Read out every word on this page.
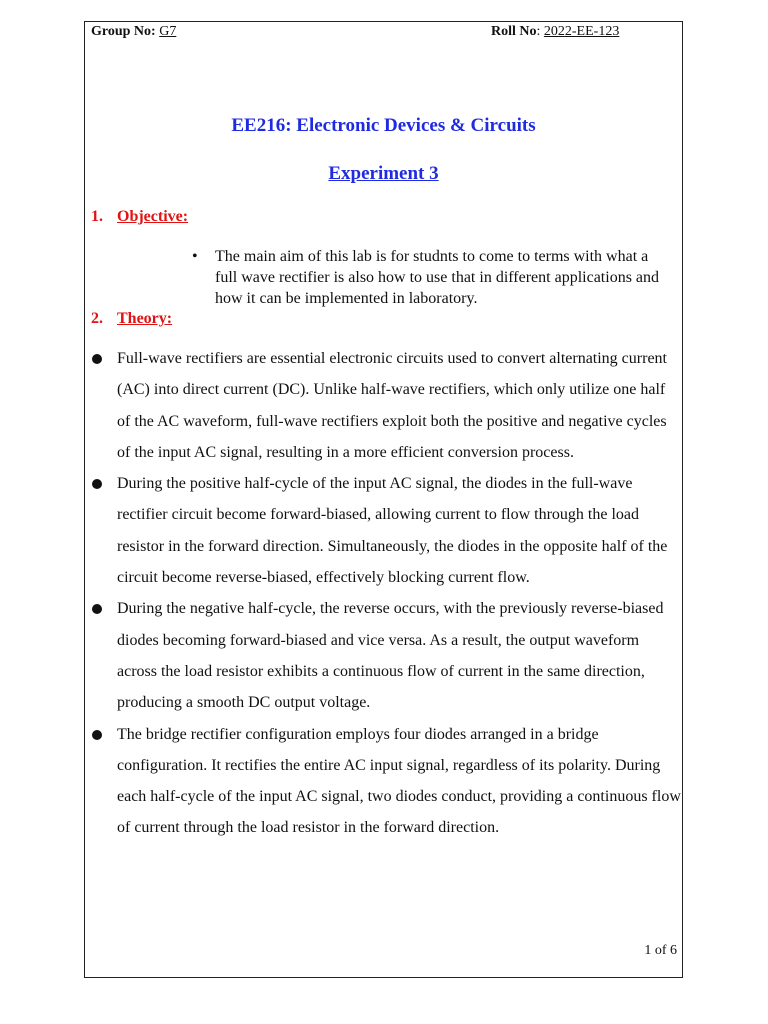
Group No: G7	Roll No: 2022-EE-123
EE216: Electronic Devices & Circuits
Experiment 3
1. Objective:
• The main aim of this lab is for studnts to come to terms with what a full wave rectifier is also how to use that in different applications and how it can be implemented in laboratory.
2. Theory:
Full-wave rectifiers are essential electronic circuits used to convert alternating current (AC) into direct current (DC). Unlike half-wave rectifiers, which only utilize one half of the AC waveform, full-wave rectifiers exploit both the positive and negative cycles of the input AC signal, resulting in a more efficient conversion process.
During the positive half-cycle of the input AC signal, the diodes in the full-wave rectifier circuit become forward-biased, allowing current to flow through the load resistor in the forward direction. Simultaneously, the diodes in the opposite half of the circuit become reverse-biased, effectively blocking current flow.
During the negative half-cycle, the reverse occurs, with the previously reverse-biased diodes becoming forward-biased and vice versa. As a result, the output waveform across the load resistor exhibits a continuous flow of current in the same direction, producing a smooth DC output voltage.
The bridge rectifier configuration employs four diodes arranged in a bridge configuration. It rectifies the entire AC input signal, regardless of its polarity. During each half-cycle of the input AC signal, two diodes conduct, providing a continuous flow of current through the load resistor in the forward direction.
1 of 6
